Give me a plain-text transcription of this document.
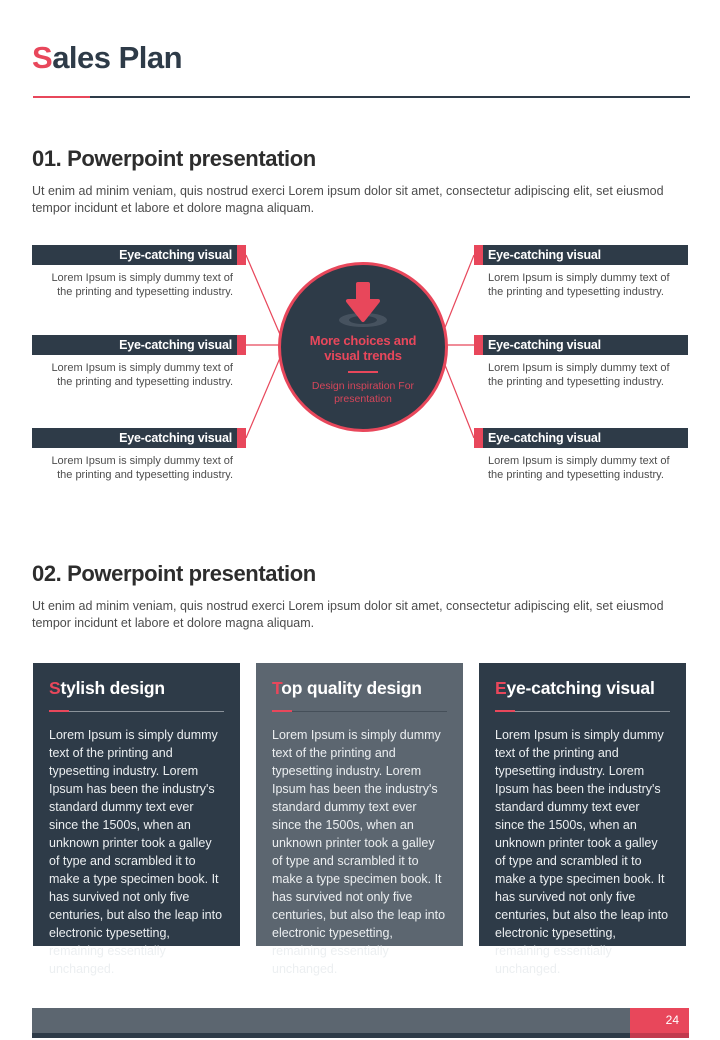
Sales Plan
01. Powerpoint presentation
Ut enim ad minim veniam, quis nostrud exerci Lorem ipsum dolor sit amet, consectetur adipiscing elit, set eiusmod tempor incidunt et labore et dolore magna aliquam.
Eye-catching visual
Lorem Ipsum is simply dummy text of the printing and typesetting industry.
Eye-catching visual
Lorem Ipsum is simply dummy text of the printing and typesetting industry.
Eye-catching visual
Lorem Ipsum is simply dummy text of the printing and typesetting industry.
Eye-catching visual
Lorem Ipsum is simply dummy text of the printing and typesetting industry.
Eye-catching visual
Lorem Ipsum is simply dummy text of the printing and typesetting industry.
Eye-catching visual
Lorem Ipsum is simply dummy text of the printing and typesetting industry.
More choices and visual trends
Design inspiration For presentation
02. Powerpoint presentation
Ut enim ad minim veniam, quis nostrud exerci Lorem ipsum dolor sit amet, consectetur adipiscing elit, set eiusmod tempor incidunt et labore et dolore magna aliquam.
Stylish design
Lorem Ipsum is simply dummy text of the printing and typesetting industry. Lorem Ipsum has been the industry's standard dummy text ever since the 1500s, when an unknown printer took a galley of type and scrambled it to make a type specimen book. It has survived not only five centuries, but also the leap into electronic typesetting, remaining essentially unchanged.
Top quality design
Lorem Ipsum is simply dummy text of the printing and typesetting industry. Lorem Ipsum has been the industry's standard dummy text ever since the 1500s, when an unknown printer took a galley of type and scrambled it to make a type specimen book. It has survived not only five centuries, but also the leap into electronic typesetting, remaining essentially unchanged.
Eye-catching visual
Lorem Ipsum is simply dummy text of the printing and typesetting industry. Lorem Ipsum has been the industry's standard dummy text ever since the 1500s, when an unknown printer took a galley of type and scrambled it to make a type specimen book. It has survived not only five centuries, but also the leap into electronic typesetting, remaining essentially unchanged.
24
